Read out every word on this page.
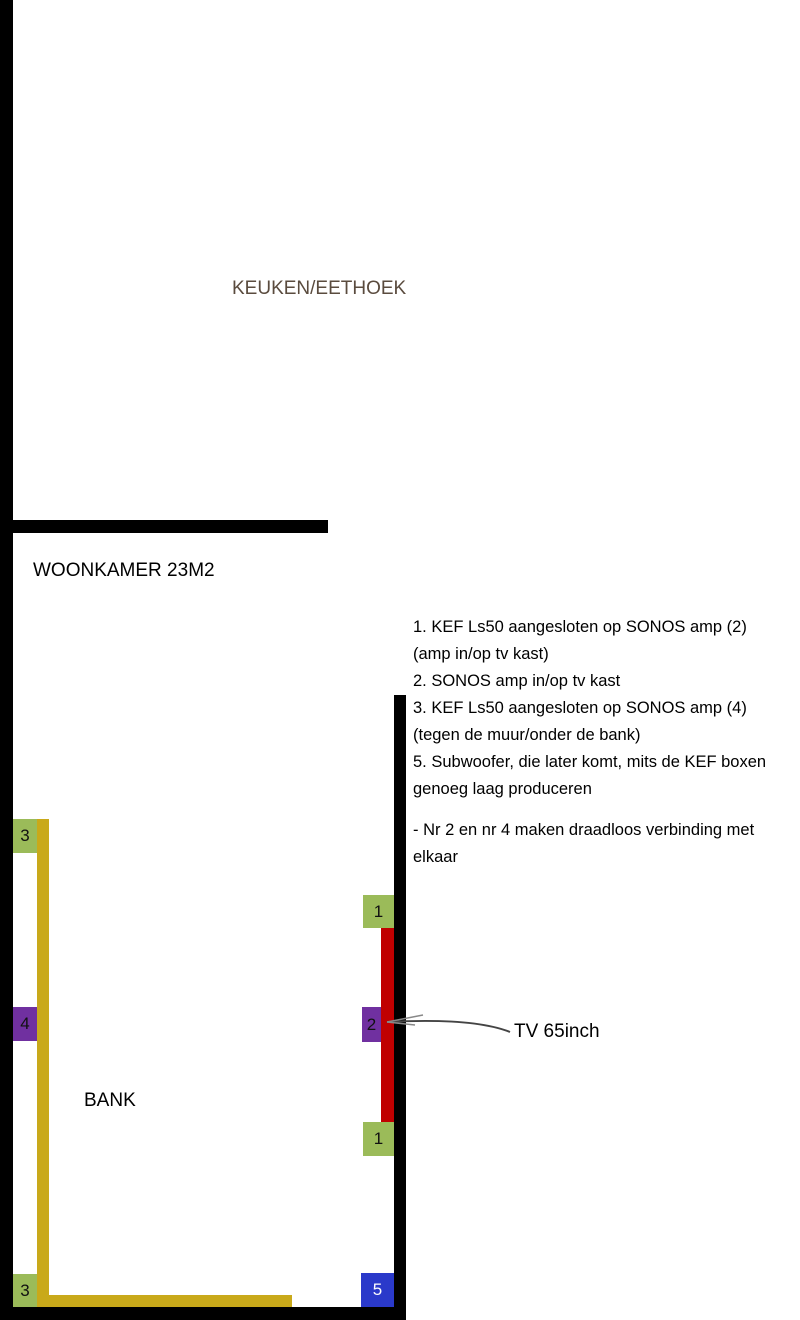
KEUKEN/EETHOEK
WOONKAMER 23M2
BANK
TV 65inch
1. KEF Ls50 aangesloten op SONOS amp (2)
(amp in/op tv kast)
2. SONOS amp in/op tv kast
3. KEF Ls50 aangesloten op SONOS amp (4)
(tegen de muur/onder de bank)
5. Subwoofer, die later komt, mits de KEF boxen
genoeg laag produceren
- Nr 2 en nr 4 maken draadloos verbinding met
elkaar
1
2
1
3
4
3	5
